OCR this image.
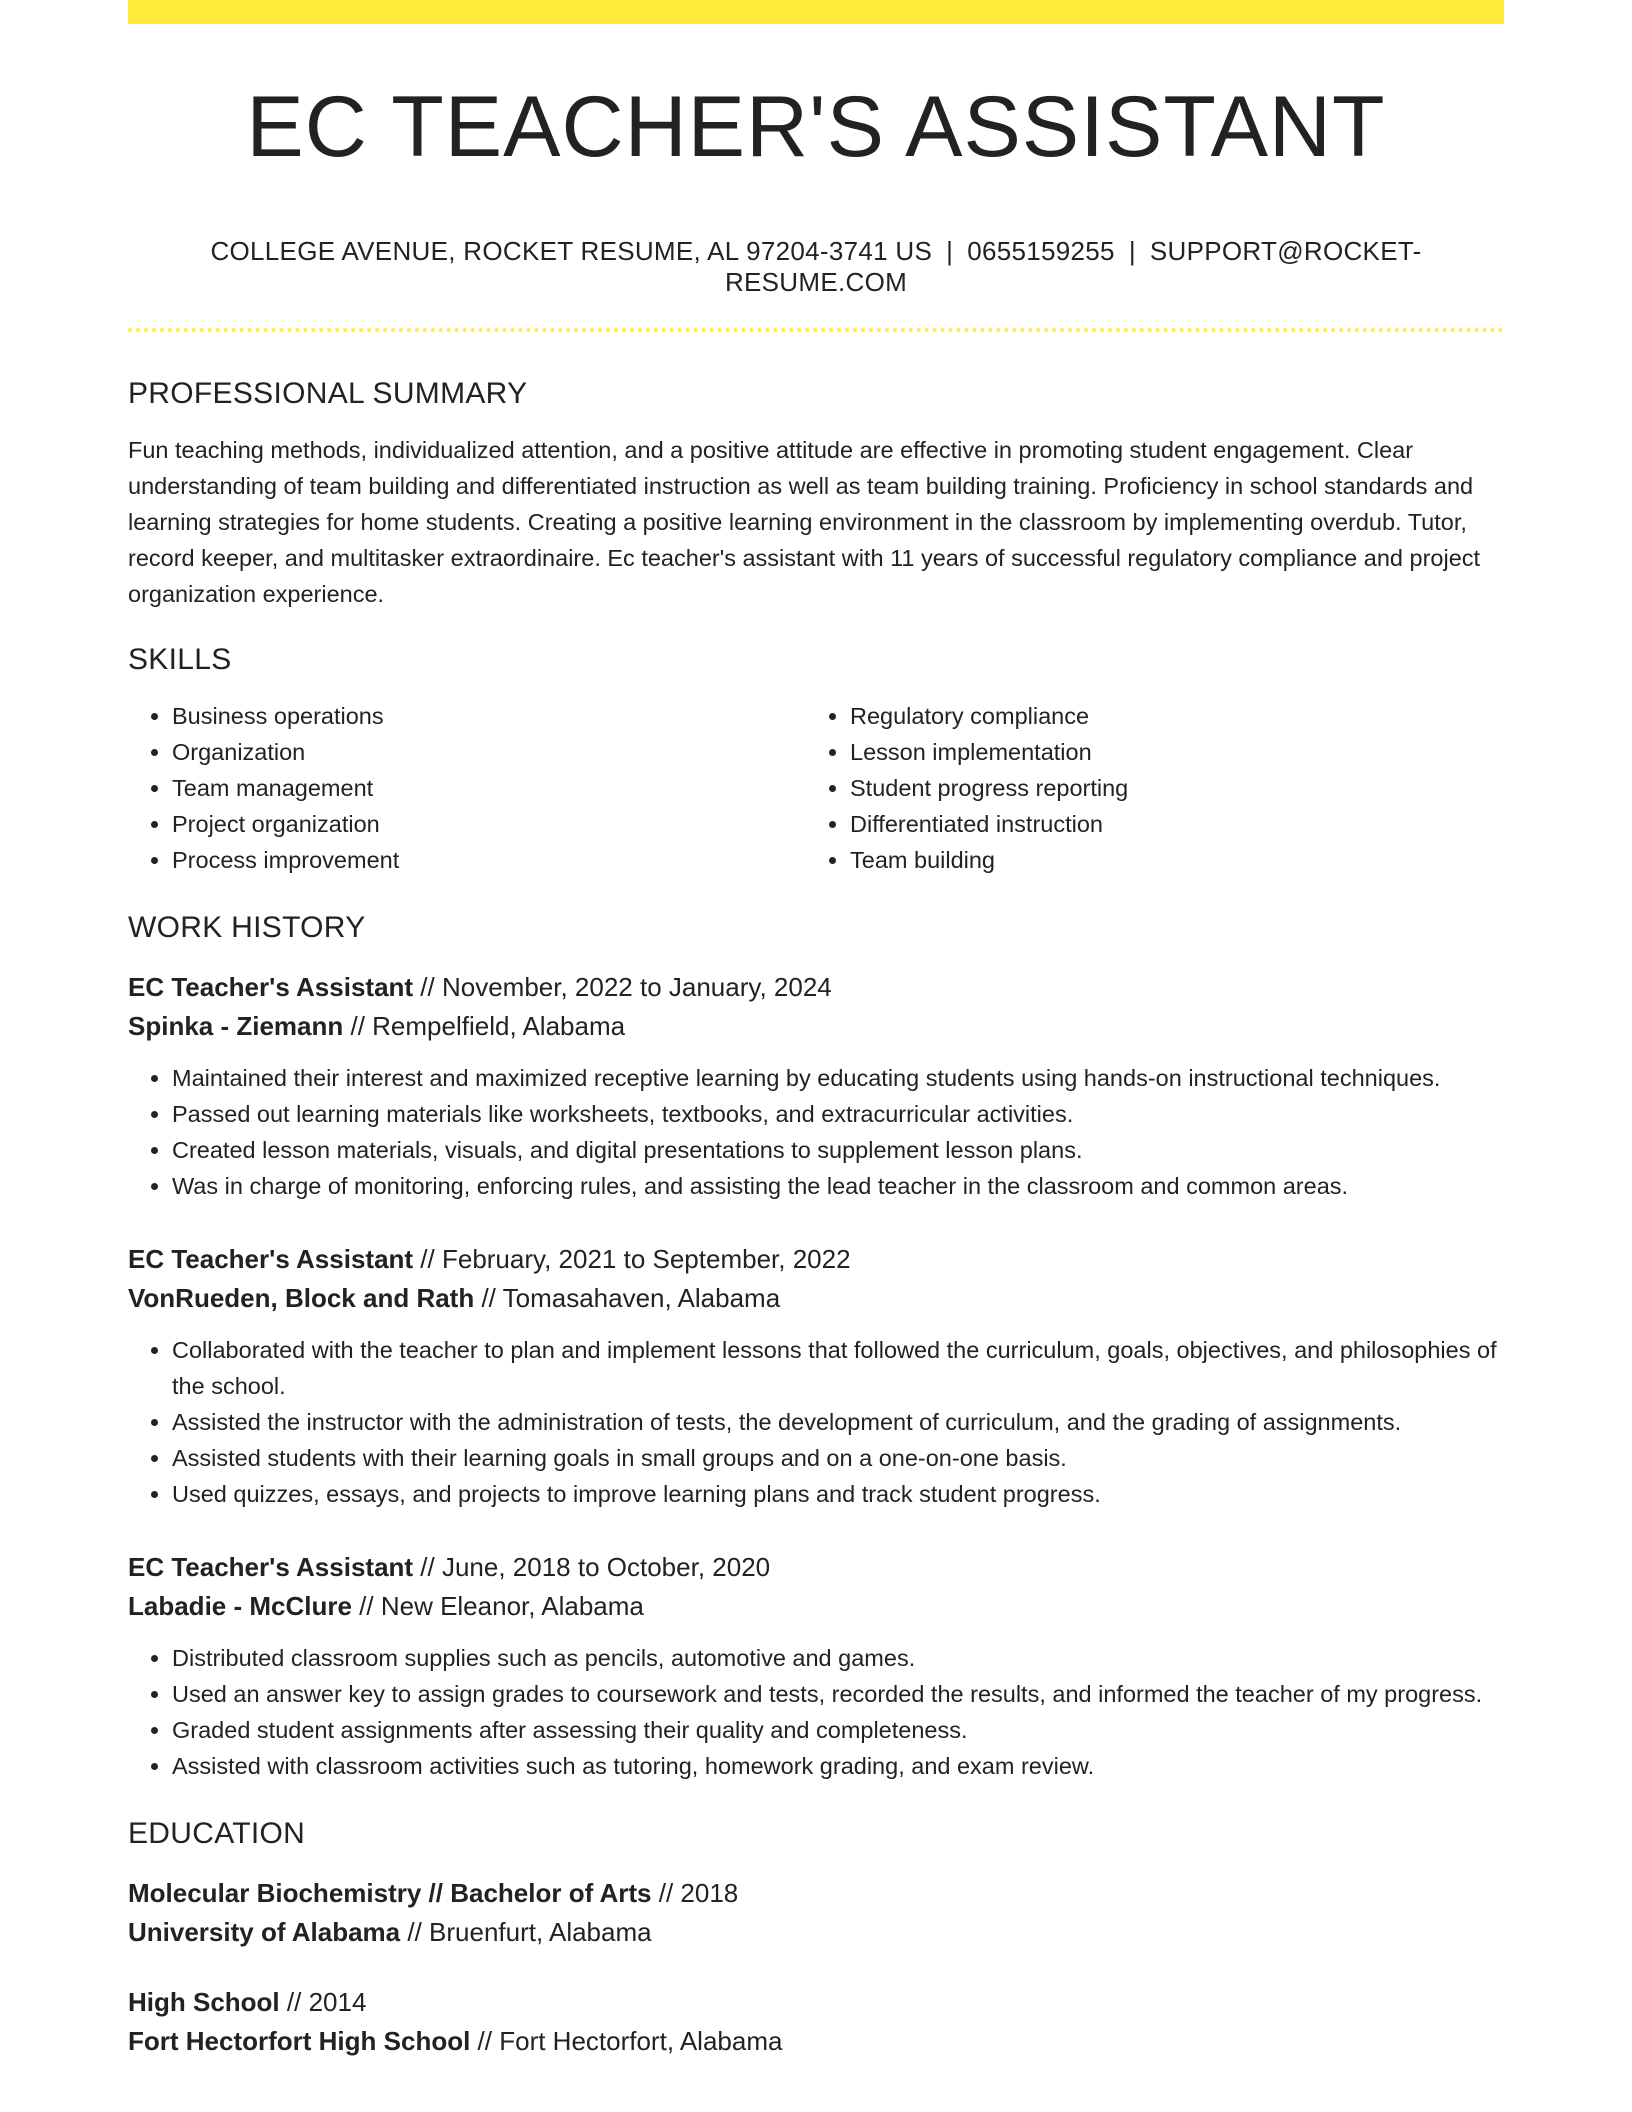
EC TEACHER'S ASSISTANT
COLLEGE AVENUE, ROCKET RESUME, AL 97204-3741 US | 0655159255 | SUPPORT@ROCKET-RESUME.COM
PROFESSIONAL SUMMARY
Fun teaching methods, individualized attention, and a positive attitude are effective in promoting student engagement. Clear understanding of team building and differentiated instruction as well as team building training. Proficiency in school standards and learning strategies for home students. Creating a positive learning environment in the classroom by implementing overdub. Tutor, record keeper, and multitasker extraordinaire. Ec teacher's assistant with 11 years of successful regulatory compliance and project organization experience.
SKILLS
• Business operations
• Organization
• Team management
• Project organization
• Process improvement
• Regulatory compliance
• Lesson implementation
• Student progress reporting
• Differentiated instruction
• Team building
WORK HISTORY
EC Teacher's Assistant // November, 2022 to January, 2024
Spinka - Ziemann // Rempelfield, Alabama
• Maintained their interest and maximized receptive learning by educating students using hands-on instructional techniques.
• Passed out learning materials like worksheets, textbooks, and extracurricular activities.
• Created lesson materials, visuals, and digital presentations to supplement lesson plans.
• Was in charge of monitoring, enforcing rules, and assisting the lead teacher in the classroom and common areas.
EC Teacher's Assistant // February, 2021 to September, 2022
VonRueden, Block and Rath // Tomasahaven, Alabama
• Collaborated with the teacher to plan and implement lessons that followed the curriculum, goals, objectives, and philosophies of the school.
• Assisted the instructor with the administration of tests, the development of curriculum, and the grading of assignments.
• Assisted students with their learning goals in small groups and on a one-on-one basis.
• Used quizzes, essays, and projects to improve learning plans and track student progress.
EC Teacher's Assistant // June, 2018 to October, 2020
Labadie - McClure // New Eleanor, Alabama
• Distributed classroom supplies such as pencils, automotive and games.
• Used an answer key to assign grades to coursework and tests, recorded the results, and informed the teacher of my progress.
• Graded student assignments after assessing their quality and completeness.
• Assisted with classroom activities such as tutoring, homework grading, and exam review.
EDUCATION
Molecular Biochemistry // Bachelor of Arts // 2018
University of Alabama // Bruenfurt, Alabama
High School // 2014
Fort Hectorfort High School // Fort Hectorfort, Alabama
